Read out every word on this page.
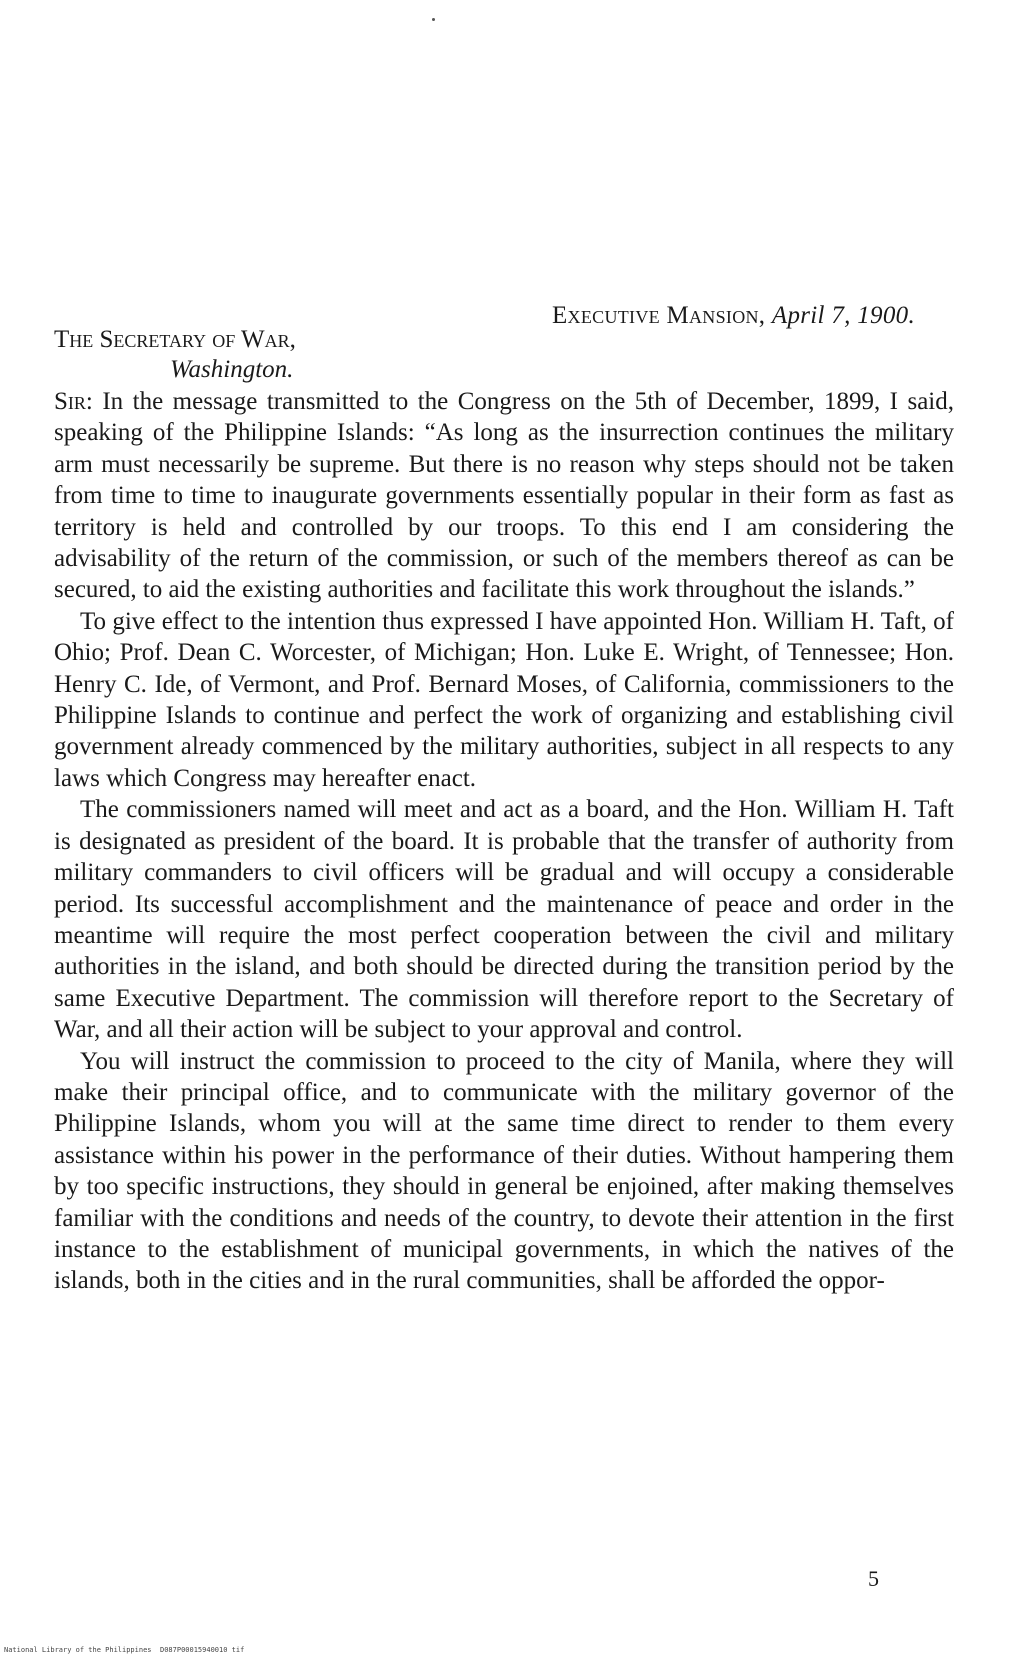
Executive Mansion, April 7, 1900.
The Secretary of War,
Washington.

Sir: In the message transmitted to the Congress on the 5th of December, 1899, I said, speaking of the Philippine Islands: “As long as the insurrection continues the military arm must necessarily be supreme. But there is no reason why steps should not be taken from time to time to inaugurate governments essentially popular in their form as fast as territory is held and controlled by our troops. To this end I am considering the advisability of the return of the commission, or such of the members thereof as can be secured, to aid the existing authorities and facilitate this work throughout the islands.”

To give effect to the intention thus expressed I have appointed Hon. William H. Taft, of Ohio; Prof. Dean C. Worcester, of Michigan; Hon. Luke E. Wright, of Tennessee; Hon. Henry C. Ide, of Vermont, and Prof. Bernard Moses, of California, commissioners to the Philippine Islands to continue and perfect the work of organizing and establishing civil government already commenced by the military authorities, subject in all respects to any laws which Congress may hereafter enact.

The commissioners named will meet and act as a board, and the Hon. William H. Taft is designated as president of the board. It is probable that the transfer of authority from military commanders to civil officers will be gradual and will occupy a considerable period. Its successful accomplishment and the maintenance of peace and order in the meantime will require the most perfect cooperation between the civil and military authorities in the island, and both should be directed during the transition period by the same Executive Department. The commission will therefore report to the Secretary of War, and all their action will be subject to your approval and control.

You will instruct the commission to proceed to the city of Manila, where they will make their principal office, and to communicate with the military governor of the Philippine Islands, whom you will at the same time direct to render to them every assistance within his power in the performance of their duties. Without hampering them by too specific instructions, they should in general be enjoined, after making themselves familiar with the conditions and needs of the country, to devote their attention in the first instance to the establishment of municipal governments, in which the natives of the islands, both in the cities and in the rural communities, shall be afforded the oppor-

5
National Library of the Philippines D087P00015940010 tif
